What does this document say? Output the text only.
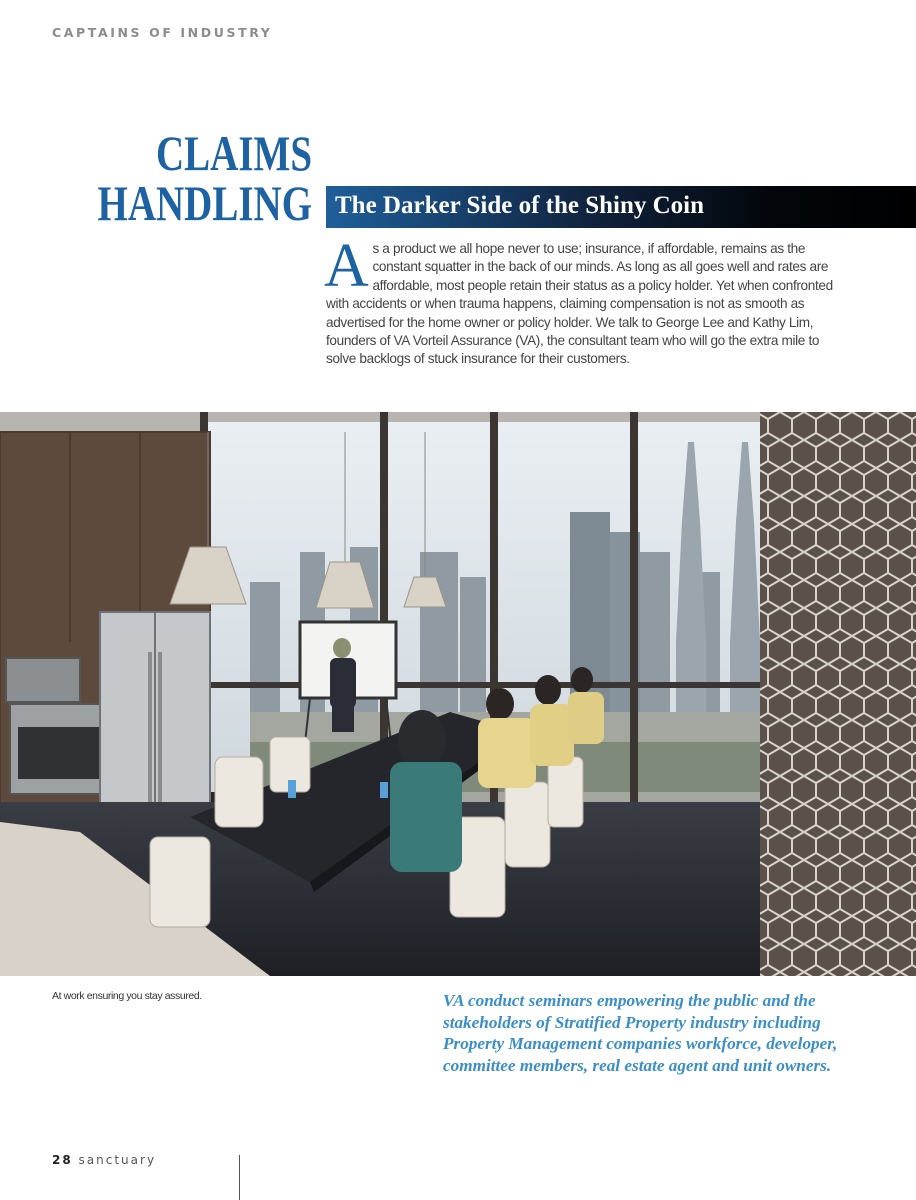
CAPTAINS OF INDUSTRY
CLAIMS
HANDLING The Darker Side of the Shiny Coin
As a product we all hope never to use; insurance, if affordable, remains as the constant squatter in the back of our minds. As long as all goes well and rates are affordable, most people retain their status as a policy holder. Yet when confronted with accidents or when trauma happens, claiming compensation is not as smooth as advertised for the home owner or policy holder. We talk to George Lee and Kathy Lim, founders of VA Vorteil Assurance (VA), the consultant team who will go the extra mile to solve backlogs of stuck insurance for their customers.
At work ensuring you stay assured.	VA conduct seminars empowering the public and the stakeholders of Stratified Property industry including Property Management companies workforce, developer, committee members, real estate agent and unit owners.
28 sanctuary
